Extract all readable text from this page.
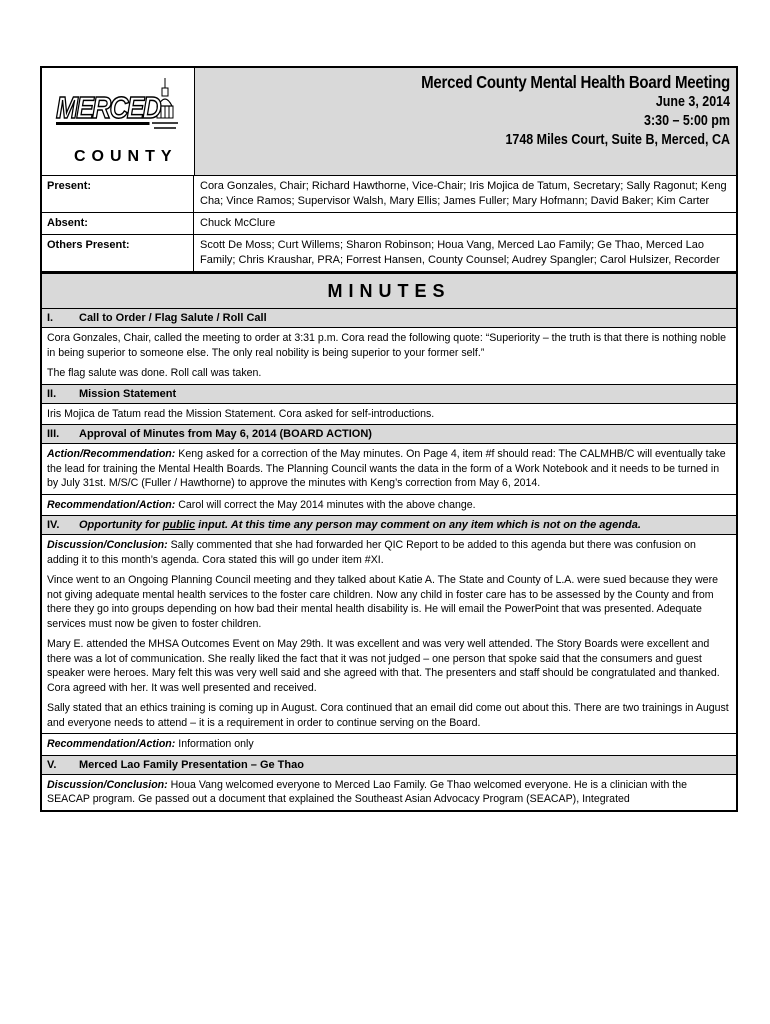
MERCED
COUNTY
Merced County Mental Health Board Meeting
June 3, 2014
3:30 – 5:00 pm
1748 Miles Court, Suite B, Merced, CA
Present:	Cora Gonzales, Chair; Richard Hawthorne, Vice-Chair; Iris Mojica de Tatum, Secretary; Sally Ragonut; Keng Cha; Vince Ramos; Supervisor Walsh, Mary Ellis; James Fuller; Mary Hofmann; David Baker; Kim Carter
Absent:	Chuck McClure
Others Present:	Scott De Moss; Curt Willems; Sharon Robinson; Houa Vang, Merced Lao Family; Ge Thao, Merced Lao Family; Chris Kraushar, PRA; Forrest Hansen, County Counsel; Audrey Spangler; Carol Hulsizer, Recorder
MINUTES
I. Call to Order / Flag Salute / Roll Call
Cora Gonzales, Chair, called the meeting to order at 3:31 p.m. Cora read the following quote: “Superiority – the truth is that there is nothing noble in being superior to someone else. The only real nobility is being superior to your former self.”
The flag salute was done. Roll call was taken.
II. Mission Statement
Iris Mojica de Tatum read the Mission Statement. Cora asked for self-introductions.
III. Approval of Minutes from May 6, 2014 (BOARD ACTION)
Action/Recommendation: Keng asked for a correction of the May minutes. On Page 4, item #f should read: The CALMHB/C will eventually take the lead for training the Mental Health Boards. The Planning Council wants the data in the form of a Work Notebook and it needs to be turned in by July 31st. M/S/C (Fuller / Hawthorne) to approve the minutes with Keng’s correction from May 6, 2014.
Recommendation/Action: Carol will correct the May 2014 minutes with the above change.
IV. Opportunity for public input. At this time any person may comment on any item which is not on the agenda.
Discussion/Conclusion: Sally commented that she had forwarded her QIC Report to be added to this agenda but there was confusion on adding it to this month’s agenda. Cora stated this will go under item #XI.
Vince went to an Ongoing Planning Council meeting and they talked about Katie A. The State and County of L.A. were sued because they were not giving adequate mental health services to the foster care children. Now any child in foster care has to be assessed by the County and from there they go into groups depending on how bad their mental health disability is. He will email the PowerPoint that was presented. Adequate services must now be given to foster children.
Mary E. attended the MHSA Outcomes Event on May 29th. It was excellent and was very well attended. The Story Boards were excellent and there was a lot of communication. She really liked the fact that it was not judged – one person that spoke said that the consumers and guest speaker were heroes. Mary felt this was very well said and she agreed with that. The presenters and staff should be congratulated and thanked. Cora agreed with her. It was well presented and received.
Sally stated that an ethics training is coming up in August. Cora continued that an email did come out about this. There are two trainings in August and everyone needs to attend – it is a requirement in order to continue serving on the Board.
Recommendation/Action: Information only
V. Merced Lao Family Presentation – Ge Thao
Discussion/Conclusion: Houa Vang welcomed everyone to Merced Lao Family. Ge Thao welcomed everyone. He is a clinician with the SEACAP program. Ge passed out a document that explained the Southeast Asian Advocacy Program (SEACAP), Integrated
